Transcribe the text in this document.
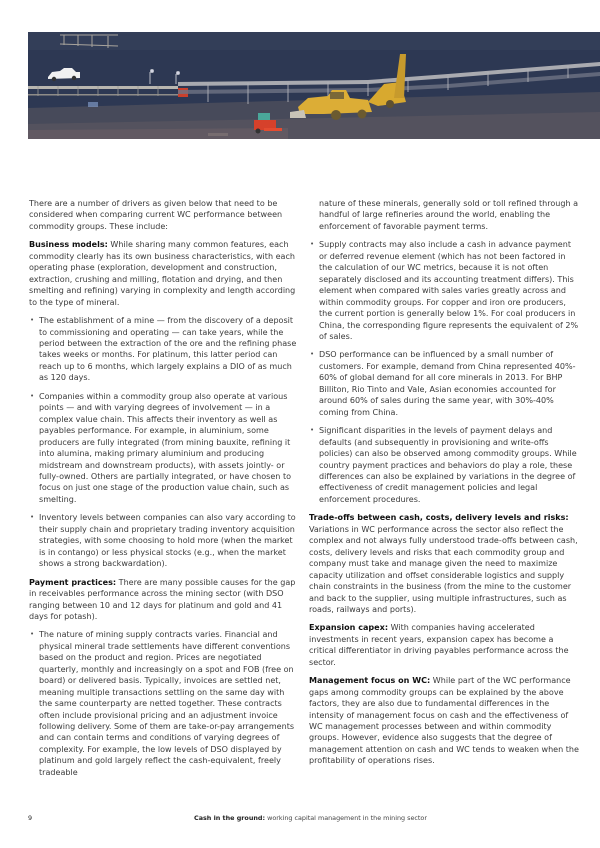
There are a number of drivers as given below that need to be considered when comparing current WC performance between commodity groups. These include:

Business models: While sharing many common features, each commodity clearly has its own business characteristics, with each operating phase (exploration, development and construction, extraction, crushing and milling, flotation and drying, and then smelting and refining) varying in complexity and length according to the type of mineral.

• The establishment of a mine — from the discovery of a deposit to commissioning and operating — can take years, while the period between the extraction of the ore and the refining phase takes weeks or months. For platinum, this latter period can reach up to 6 months, which largely explains a DIO of as much as 120 days.
• Companies within a commodity group also operate at various points — and with varying degrees of involvement — in a complex value chain. This affects their inventory as well as payables performance. For example, in aluminium, some producers are fully integrated (from mining bauxite, refining it into alumina, making primary aluminium and producing midstream and downstream products), with assets jointly- or fully-owned. Others are partially integrated, or have chosen to focus on just one stage of the production value chain, such as smelting.
• Inventory levels between companies can also vary according to their supply chain and proprietary trading inventory acquisition strategies, with some choosing to hold more (when the market is in contango) or less physical stocks (e.g., when the market shows a strong backwardation).

Payment practices: There are many possible causes for the gap in receivables performance across the mining sector (with DSO ranging between 10 and 12 days for platinum and gold and 41 days for potash).

• The nature of mining supply contracts varies. Financial and physical mineral trade settlements have different conventions based on the product and region. Prices are negotiated quarterly, monthly and increasingly on a spot and FOB (free on board) or delivered basis. Typically, invoices are settled net, meaning multiple transactions settling on the same day with the same counterparty are netted together. These contracts often include provisional pricing and an adjustment invoice following delivery. Some of them are take-or-pay arrangements and can contain terms and conditions of varying degrees of complexity. For example, the low levels of DSO displayed by platinum and gold largely reflect the cash-equivalent, freely tradeable

nature of these minerals, generally sold or toll refined through a handful of large refineries around the world, enabling the enforcement of favorable payment terms.

• Supply contracts may also include a cash in advance payment or deferred revenue element (which has not been factored in the calculation of our WC metrics, because it is not often separately disclosed and its accounting treatment differs). This element when compared with sales varies greatly across and within commodity groups. For copper and iron ore producers, the current portion is generally below 1%. For coal producers in China, the corresponding figure represents the equivalent of 2% of sales.
• DSO performance can be influenced by a small number of customers. For example, demand from China represented 40%- 60% of global demand for all core minerals in 2013. For BHP Billiton, Rio Tinto and Vale, Asian economies accounted for around 60% of sales during the same year, with 30%-40% coming from China.
• Significant disparities in the levels of payment delays and defaults (and subsequently in provisioning and write-offs policies) can also be observed among commodity groups. While country payment practices and behaviors do play a role, these differences can also be explained by variations in the degree of effectiveness of credit management policies and legal enforcement procedures.

Trade-offs between cash, costs, delivery levels and risks: Variations in WC performance across the sector also reflect the complex and not always fully understood trade-offs between cash, costs, delivery levels and risks that each commodity group and company must take and manage given the need to maximize capacity utilization and offset considerable logistics and supply chain constraints in the business (from the mine to the customer and back to the supplier, using multiple infrastructures, such as roads, railways and ports).

Expansion capex: With companies having accelerated investments in recent years, expansion capex has become a critical differentiator in driving payables performance across the sector.

Management focus on WC: While part of the WC performance gaps among commodity groups can be explained by the above factors, they are also due to fundamental differences in the intensity of management focus on cash and the effectiveness of WC management processes between and within commodity groups. However, evidence also suggests that the degree of management attention on cash and WC tends to weaken when the profitability of operations rises.

9	Cash in the ground: working capital management in the mining sector
